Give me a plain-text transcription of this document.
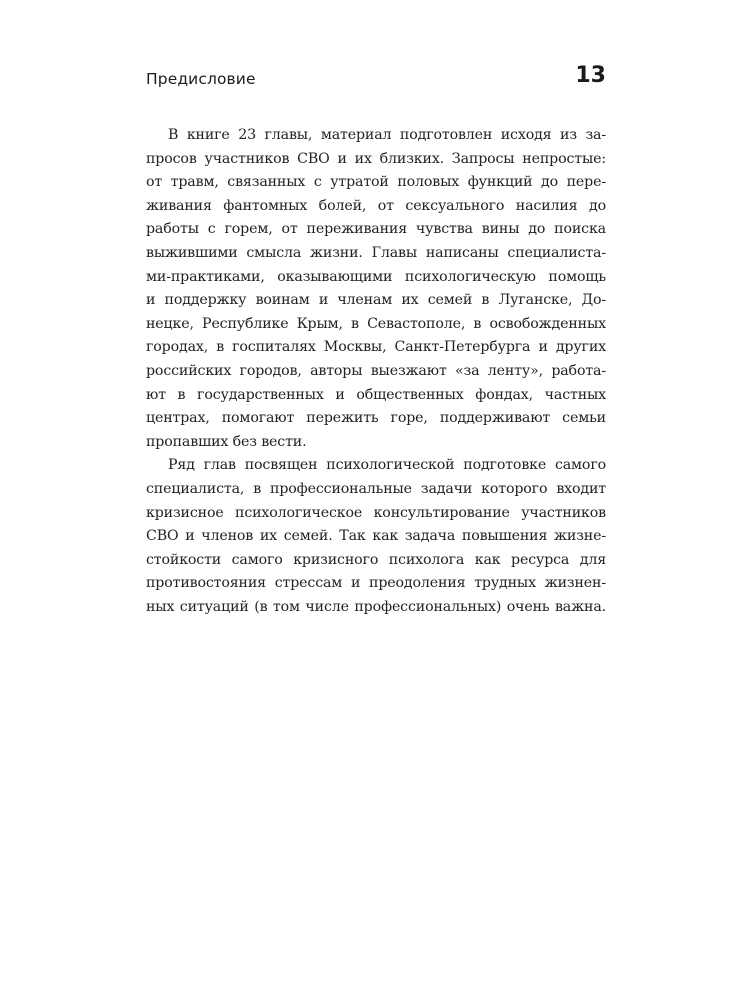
Предисловие	13
В книге 23 главы, материал подготовлен исходя из за-
просов участников СВО и их близких. Запросы непростые:
от травм, связанных с утратой половых функций до пере-
живания фантомных болей, от сексуального насилия до
работы с горем, от переживания чувства вины до поиска
выжившими смысла жизни. Главы написаны специалиста-
ми-практиками, оказывающими психологическую помощь
и поддержку воинам и членам их семей в Луганске, До-
нецке, Республике Крым, в Севастополе, в освобожденных
городах, в госпиталях Москвы, Санкт-Петербурга и других
российских городов, авторы выезжают «за ленту», работа-
ют в государственных и общественных фондах, частных
центрах, помогают пережить горе, поддерживают семьи
пропавших без вести.
Ряд глав посвящен психологической подготовке самого
специалиста, в профессиональные задачи которого входит
кризисное психологическое консультирование участников
СВО и членов их семей. Так как задача повышения жизне-
стойкости самого кризисного психолога как ресурса для
противостояния стрессам и преодоления трудных жизнен-
ных ситуаций (в том числе профессиональных) очень важна.
